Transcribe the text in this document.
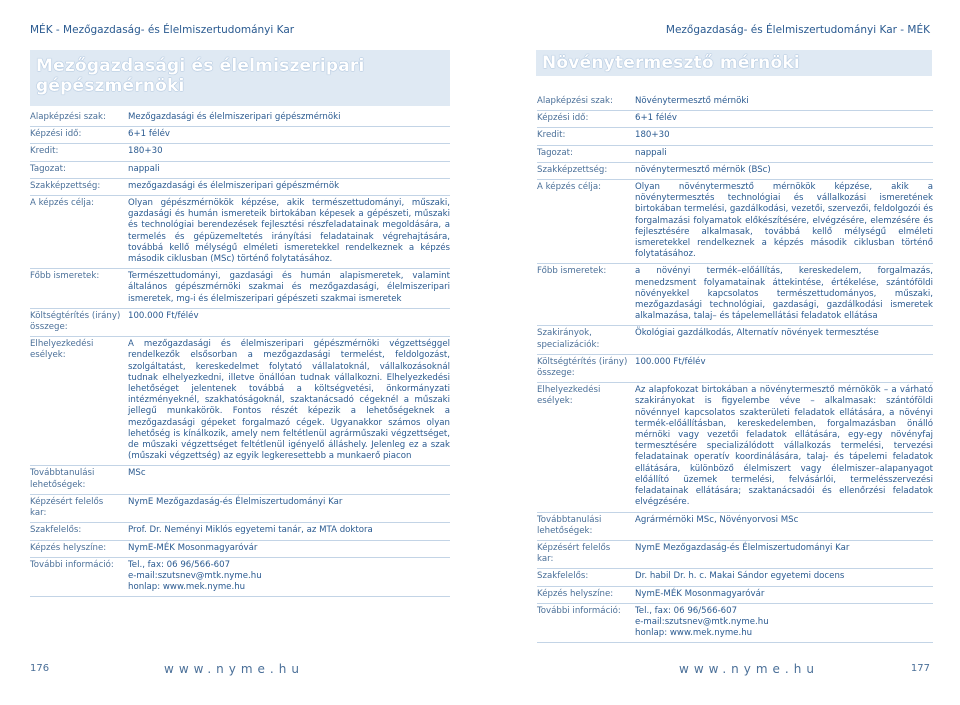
MÉK - Mezőgazdaság- és Élelmiszertudományi Kar
Mezőgazdasági és élelmiszeripari gépészmérnöki
Alapképzési szak:	Mezőgazdasági és élelmiszeripari gépészmérnöki
Képzési idő:	6+1 félév
Kredit:	180+30
Tagozat:	nappali
Szakképzettség:	mezőgazdasági és élelmiszeripari gépészmérnök
A képzés célja:	Olyan gépészmérnökök képzése, akik természettudományi, műszaki, gazdasági és humán ismereteik birtokában képesek a gépészeti, műszaki és technológiai berendezések fejlesztési részfeladatainak megoldására, a termelés és gépüzemeltetés irányítási feladatainak végrehajtására, továbbá kellő mélységű elméleti ismeretekkel rendelkeznek a képzés második ciklusban (MSc) történő folytatásához.
Főbb ismeretek:	Természettudományi, gazdasági és humán alapismeretek, valamint általános gépészmérnöki szakmai és mezőgazdasági, élelmiszeripari ismeretek, mg-i és élelmiszeripari gépészeti szakmai ismeretek
Költségtérítés (irány) összege:	100.000 Ft/félév
Elhelyezkedési esélyek:	A mezőgazdasági és élelmiszeripari gépészmérnöki végzettséggel rendelkezők elsősorban a mezőgazdasági termelést, feldolgozást, szolgáltatást, kereskedelmet folytató vállalatoknál, vállalkozásoknál tudnak elhelyezkedni, illetve önállóan tudnak vállalkozni. Elhelyezkedési lehetőséget jelentenek továbbá a költségvetési, önkormányzati intézményeknél, szakhatóságoknál, szaktanácsadó cégeknél a műszaki jellegű munkakörök. Fontos részét képezik a lehetőségeknek a mezőgazdasági gépeket forgalmazó cégek. Ugyanakkor számos olyan lehetőség is kínálkozik, amely nem feltétlenül agrárműszaki végzettséget, de műszaki végzettséget feltétlenül igényelő álláshely. Jelenleg ez a szak (műszaki végzettség) az egyik legkeresettebb a munkaerő piacon
Továbbtanulási lehetőségek:	MSc
Képzésért felelős kar:	NymE Mezőgazdaság-és Élelmiszertudományi Kar
Szakfelelős:	Prof. Dr. Neményi Miklós egyetemi tanár, az MTA doktora
Képzés helyszíne:	NymE-MÉK Mosonmagyaróvár
További információ:	Tel., fax: 06 96/566-607
e-mail:szutsnev@mtk.nyme.hu
honlap: www.mek.nyme.hu
176	www.nyme.hu
Mezőgazdaság- és Élelmiszertudományi Kar - MÉK
Növénytermesztő mérnöki
177
www.nyme.hu
Alapképzési szak:	Növénytermesztő mérnöki
Képzési idő:	6+1 félév
Kredit:	180+30
Tagozat:	nappali
Szakképzettség:	növénytermesztő mérnök (BSc)
A képzés célja:	Olyan növénytermesztő mérnökök képzése, akik a növénytermesztés technológiai és vállalkozási ismeretének birtokában termelési, gazdálkodási, vezetői, szervezői, feldolgozói és forgalmazási folyamatok előkészítésére, elvégzésére, elemzésére és fejlesztésére alkalmasak, továbbá kellő mélységű elméleti ismeretekkel rendelkeznek a képzés második ciklusban történő folytatásához.
Főbb ismeretek:	a növényi termék–előállítás, kereskedelem, forgalmazás, menedzsment folyamatainak áttekintése, értékelése, szántóföldi növényekkel kapcsolatos természettudományos, műszaki, mezőgazdasági technológiai, gazdasági, gazdálkodási ismeretek alkalmazása, talaj– és tápelemellátási feladatok ellátása
Szakirányok, specializációk:	Ökológiai gazdálkodás, Alternatív növények termesztése
Költségtérítés (irány) összege:	100.000 Ft/félév
Elhelyezkedési esélyek:	Az alapfokozat birtokában a növénytermesztő mérnökök – a várható szakirányokat is figyelembe véve – alkalmasak: szántóföldi növénnyel kapcsolatos szakterületi feladatok ellátására, a növényi termék-előállításban, kereskedelemben, forgalmazásban önálló mérnöki vagy vezetői feladatok ellátására, egy-egy növényfaj termesztésére specializálódott vállalkozás termelési, tervezési feladatainak operatív koordinálására, talaj- és tápelemi feladatok ellátására, különböző élelmiszert vagy élelmiszer–alapanyagot előállító üzemek termelési, felvásárlói, termelésszervezési feladatainak ellátására; szaktanácsadói és ellenőrzési feladatok elvégzésére.
Továbbtanulási lehetőségek:	Agrármérnöki MSc, Növényorvosi MSc
Képzésért felelős kar:	NymE Mezőgazdaság-és Élelmiszertudományi Kar
Szakfelelős:	Dr. habil Dr. h. c. Makai Sándor egyetemi docens
Képzés helyszíne:	NymE-MÉK Mosonmagyaróvár
További információ:	Tel., fax: 06 96/566-607
e-mail:szutsnev@mtk.nyme.hu
honlap: www.mek.nyme.hu
